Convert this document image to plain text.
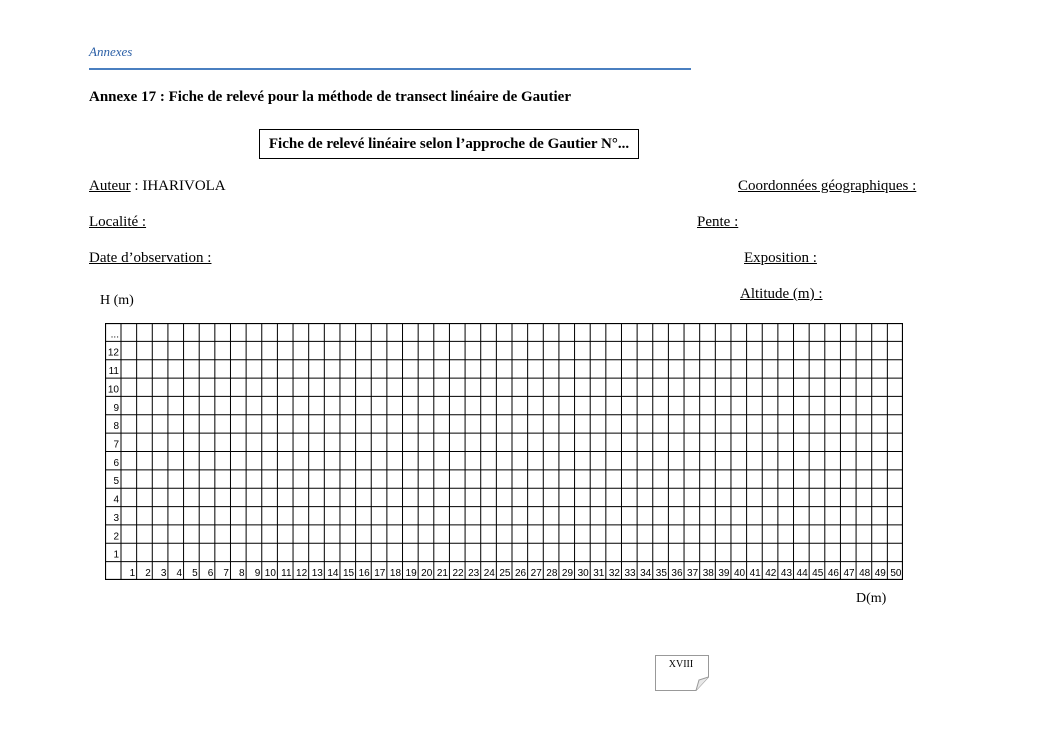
Annexes
Annexe 17 : Fiche de relevé pour la méthode de transect linéaire de Gautier
Fiche de relevé linéaire selon l’approche de Gautier N°...
Auteur : IHARIVOLA
Localité :
Date d’observation :
Coordonnées géographiques :
Pente :
Exposition :
Altitude (m) :
H (m)
...
12
11
10
9
8
7
6
5
4
3
2
1
1 2 3 4 5 6 7 8 9 10 11 12 13 14 15 16 17 18 19 20 21 22 23 24 25 26 27 28 29 30 31 32 33 34 35 36 37 38 39 40 41 42 43 44 45 46 47 48 49 50
D(m)
XVIII
